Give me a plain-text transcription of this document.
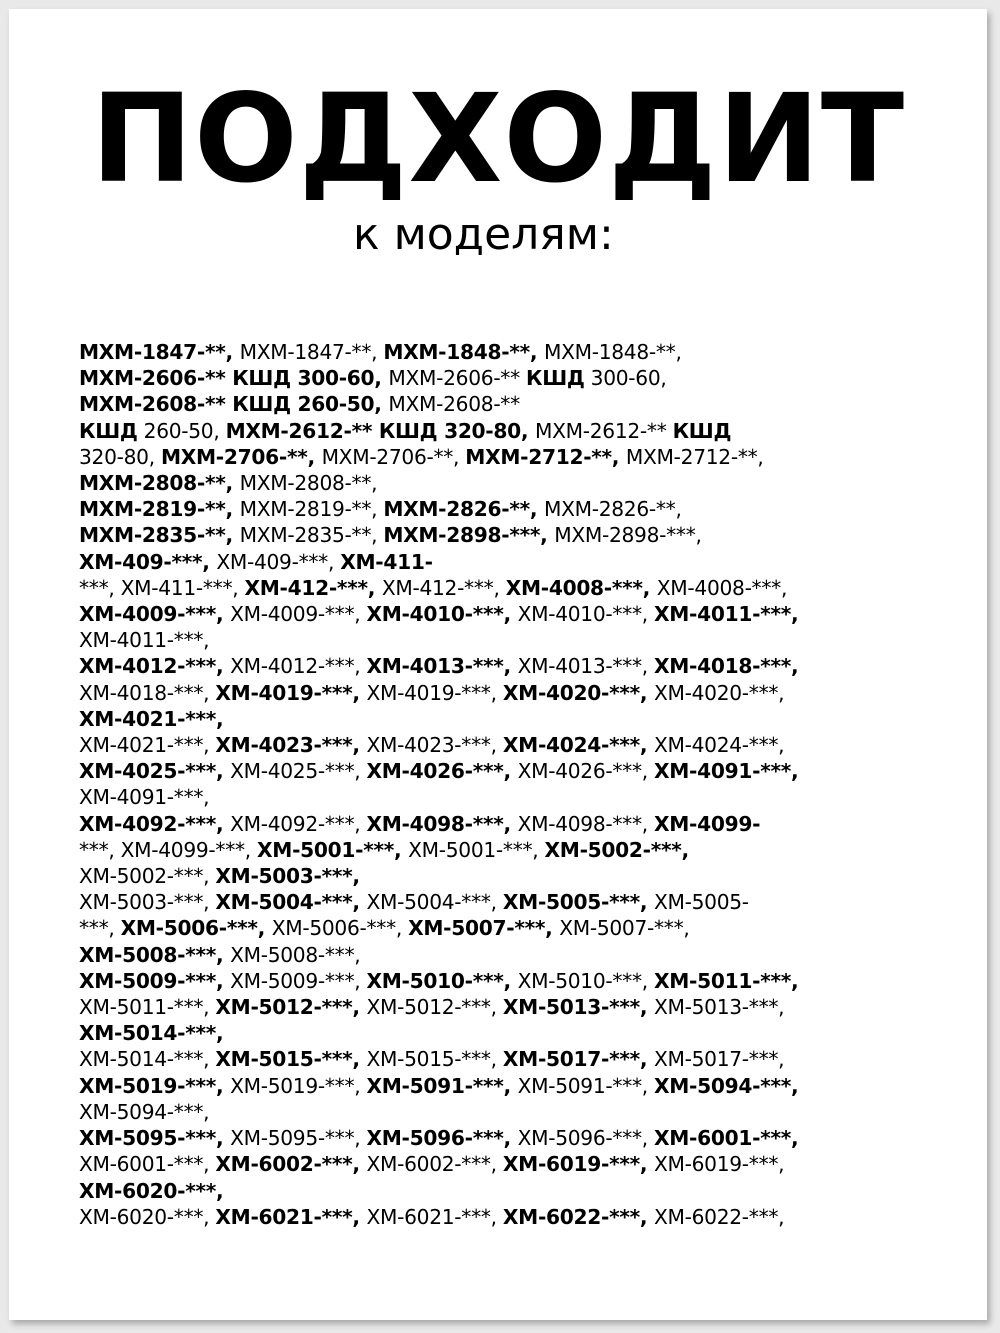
ПОДХОДИТ

к моделям:

МХМ-1847-**, МХМ-1847-**, МХМ-1848-**, МХМ-1848-**,
МХМ-2606-** КШД 300-60, МХМ-2606-** КШД 300-60,
МХМ-2608-** КШД 260-50, МХМ-2608-**
КШД 260-50, МХМ-2612-** КШД 320-80, МХМ-2612-** КШД
320-80, МХМ-2706-**, МХМ-2706-**, МХМ-2712-**, МХМ-2712-**,
МХМ-2808-**, МХМ-2808-**,
МХМ-2819-**, МХМ-2819-**, МХМ-2826-**, МХМ-2826-**,
МХМ-2835-**, МХМ-2835-**, МХМ-2898-***, МХМ-2898-***,
ХМ-409-***, ХМ-409-***, ХМ-411-
***, ХМ-411-***, ХМ-412-***, ХМ-412-***, ХМ-4008-***, ХМ-4008-***,
ХМ-4009-***, ХМ-4009-***, ХМ-4010-***, ХМ-4010-***, ХМ-4011-***,
ХМ-4011-***,
ХМ-4012-***, ХМ-4012-***, ХМ-4013-***, ХМ-4013-***, ХМ-4018-***,
ХМ-4018-***, ХМ-4019-***, ХМ-4019-***, ХМ-4020-***, ХМ-4020-***,
ХМ-4021-***,
ХМ-4021-***, ХМ-4023-***, ХМ-4023-***, ХМ-4024-***, ХМ-4024-***,
ХМ-4025-***, ХМ-4025-***, ХМ-4026-***, ХМ-4026-***, ХМ-4091-***,
ХМ-4091-***,
ХМ-4092-***, ХМ-4092-***, ХМ-4098-***, ХМ-4098-***, ХМ-4099-
***, ХМ-4099-***, ХМ-5001-***, ХМ-5001-***, ХМ-5002-***,
ХМ-5002-***, ХМ-5003-***,
ХМ-5003-***, ХМ-5004-***, ХМ-5004-***, ХМ-5005-***, ХМ-5005-
***, ХМ-5006-***, ХМ-5006-***, ХМ-5007-***, ХМ-5007-***,
ХМ-5008-***, ХМ-5008-***,
ХМ-5009-***, ХМ-5009-***, ХМ-5010-***, ХМ-5010-***, ХМ-5011-***,
ХМ-5011-***, ХМ-5012-***, ХМ-5012-***, ХМ-5013-***, ХМ-5013-***,
ХМ-5014-***,
ХМ-5014-***, ХМ-5015-***, ХМ-5015-***, ХМ-5017-***, ХМ-5017-***,
ХМ-5019-***, ХМ-5019-***, ХМ-5091-***, ХМ-5091-***, ХМ-5094-***,
ХМ-5094-***,
ХМ-5095-***, ХМ-5095-***, ХМ-5096-***, ХМ-5096-***, ХМ-6001-***,
ХМ-6001-***, ХМ-6002-***, ХМ-6002-***, ХМ-6019-***, ХМ-6019-***,
ХМ-6020-***,
ХМ-6020-***, ХМ-6021-***, ХМ-6021-***, ХМ-6022-***, ХМ-6022-***,
